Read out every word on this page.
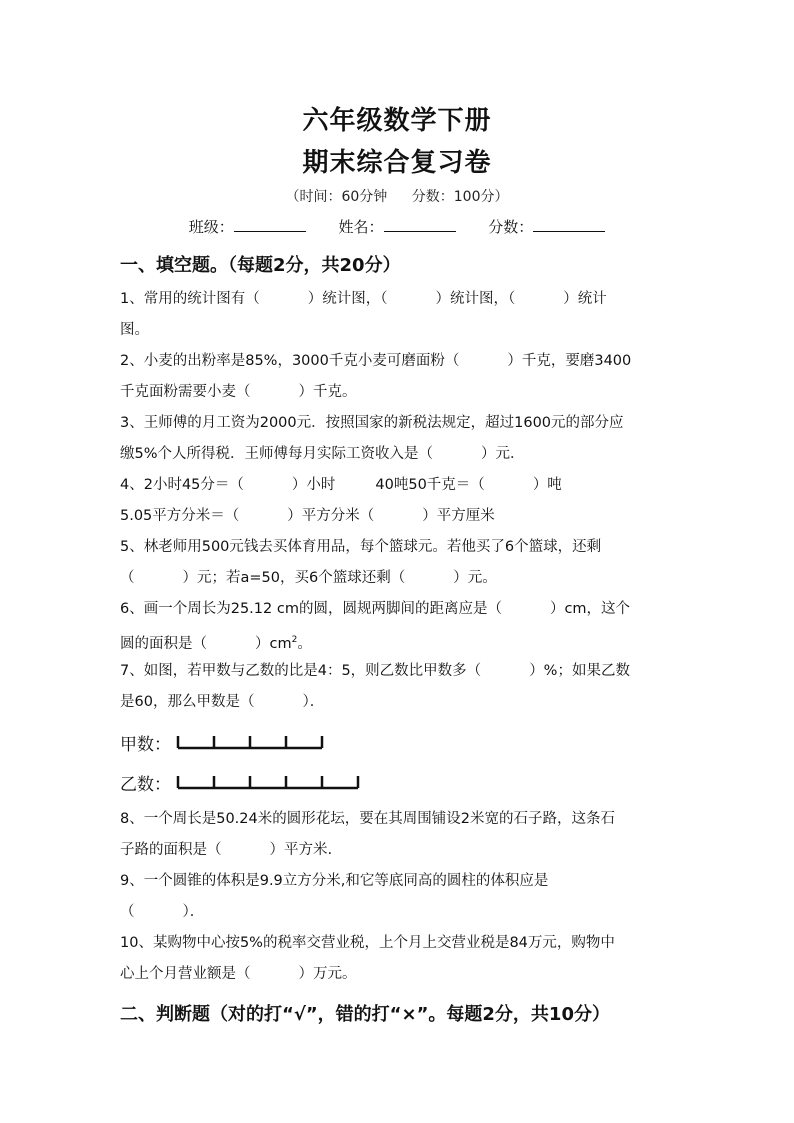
六年级数学下册
期末综合复习卷
（时间：60分钟 分数：100分）
班级：	姓名：	分数：
一、填空题。（每题2分，共20分）

1、常用的统计图有（	）统计图，（	）统计图，（	）统计

图。

2、小麦的出粉率是85%，3000千克小麦可磨面粉（	）千克，要磨3400

千克面粉需要小麦（	）千克。

3、王师傅的月工资为2000元．按照国家的新税法规定，超过1600元的部分应

缴5%个人所得税．王师傅每月实际工资收入是（	）元．

4、2小时45分＝（	）小时	40吨50千克＝（	）吨

5.05平方分米＝（	）平方分米（	）平方厘米

5、林老师用500元钱去买体育用品，每个篮球元。若他买了6个篮球，还剩

（	）元；若a=50，买6个篮球还剩（	）元。

6、画一个周长为25.12 cm的圆，圆规两脚间的距离应是（	）cm，这个

圆的面积是（	）$cm^2$。

7、如图，若甲数与乙数的比是4：5，则乙数比甲数多（	）%；如果乙数

是60，那么甲数是（	）．

甲数：
乙数：

8、一个周长是50.24米的圆形花坛，要在其周围铺设2米宽的石子路，这条石

子路的面积是（	）平方米.

9、一个圆锥的体积是9.9立方分米,和它等底同高的圆柱的体积应是

（	）．

10、某购物中心按5%的税率交营业税，上个月上交营业税是84万元，购物中

心上个月营业额是（	）万元。

二、判断题（对的打“√”，错的打“×”。每题2分，共10分）
